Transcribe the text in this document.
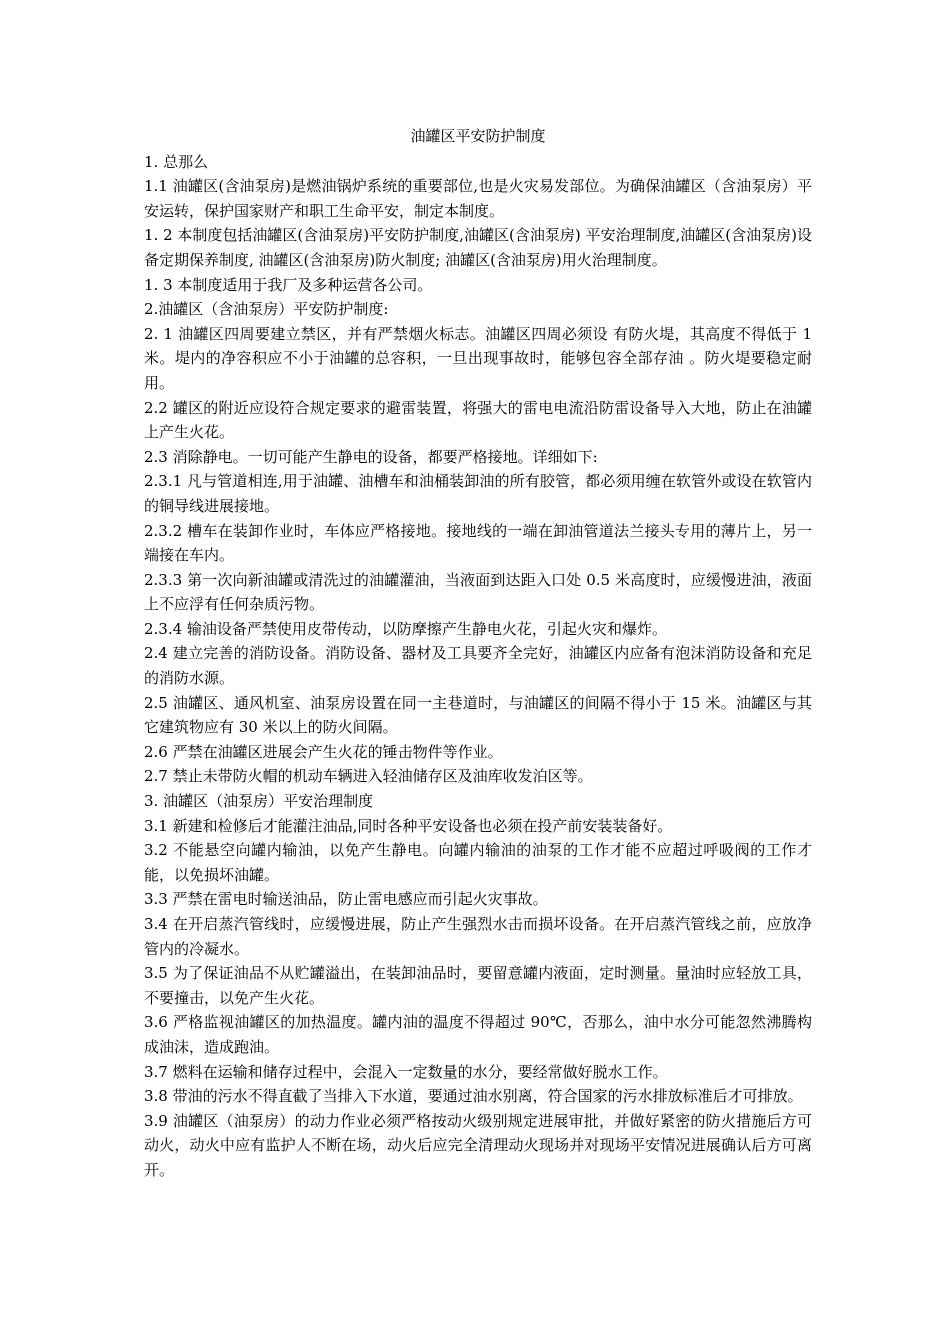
油罐区平安防护制度

1. 总那么

1.1 油罐区(含油泵房)是燃油锅炉系统的重要部位,也是火灾易发部位。为确保油罐区（含油泵房）平安运转，保护国家财产和职工生命平安，制定本制度。

1. 2 本制度包括油罐区(含油泵房)平安防护制度,油罐区(含油泵房) 平安治理制度,油罐区(含油泵房)设备定期保养制度, 油罐区(含油泵房)防火制度; 油罐区(含油泵房)用火治理制度。

1. 3 本制度适用于我厂及多种运营各公司。

2.油罐区（含油泵房）平安防护制度:

2. 1 油罐区四周要建立禁区，并有严禁烟火标志。油罐区四周必须设 有防火堤，其高度不得低于 1 米。堤内的净容积应不小于油罐的总容积，一旦出现事故时，能够包容全部存油 。防火堤要稳定耐用。

2.2 罐区的附近应设符合规定要求的避雷装置，将强大的雷电电流沿防雷设备导入大地，防止在油罐上产生火花。

2.3 消除静电。一切可能产生静电的设备，都要严格接地。详细如下:

2.3.1 凡与管道相连,用于油罐、油槽车和油桶装卸油的所有胶管，都必须用缠在软管外或设在软管内的铜导线进展接地。

2.3.2 槽车在装卸作业时，车体应严格接地。接地线的一端在卸油管道法兰接头专用的薄片上，另一端接在车内。

2.3.3 第一次向新油罐或清洗过的油罐灌油，当液面到达距入口处 0.5 米高度时，应缓慢进油，液面上不应浮有任何杂质污物。

2.3.4 输油设备严禁使用皮带传动，以防摩擦产生静电火花，引起火灾和爆炸。

2.4 建立完善的消防设备。消防设备、器材及工具要齐全完好，油罐区内应备有泡沫消防设备和充足的消防水源。

2.5 油罐区、通风机室、油泵房设置在同一主巷道时，与油罐区的间隔不得小于 15 米。油罐区与其它建筑物应有 30 米以上的防火间隔。

2.6 严禁在油罐区进展会产生火花的锤击物件等作业。

2.7 禁止未带防火帽的机动车辆进入轻油储存区及油库收发泊区等。

3. 油罐区（油泵房）平安治理制度

3.1 新建和检修后才能灌注油品,同时各种平安设备也必须在投产前安装装备好。

3.2 不能悬空向罐内输油，以免产生静电。向罐内输油的油泵的工作才能不应超过呼吸阀的工作才能，以免损坏油罐。

3.3 严禁在雷电时输送油品，防止雷电感应而引起火灾事故。

3.4 在开启蒸汽管线时，应缓慢进展，防止产生强烈水击而损坏设备。在开启蒸汽管线之前，应放净管内的冷凝水。

3.5 为了保证油品不从贮罐溢出，在装卸油品时，要留意罐内液面，定时测量。量油时应轻放工具，不要撞击，以免产生火花。

3.6 严格监视油罐区的加热温度。罐内油的温度不得超过 90℃，否那么，油中水分可能忽然沸腾构成油沫，造成跑油。

3.7 燃料在运输和储存过程中，会混入一定数量的水分，要经常做好脱水工作。

3.8 带油的污水不得直截了当排入下水道，要通过油水别离，符合国家的污水排放标准后才可排放。

3.9 油罐区（油泵房）的动力作业必须严格按动火级别规定进展审批，并做好紧密的防火措施后方可动火，动火中应有监护人不断在场，动火后应完全清理动火现场并对现场平安情况进展确认后方可离开。
